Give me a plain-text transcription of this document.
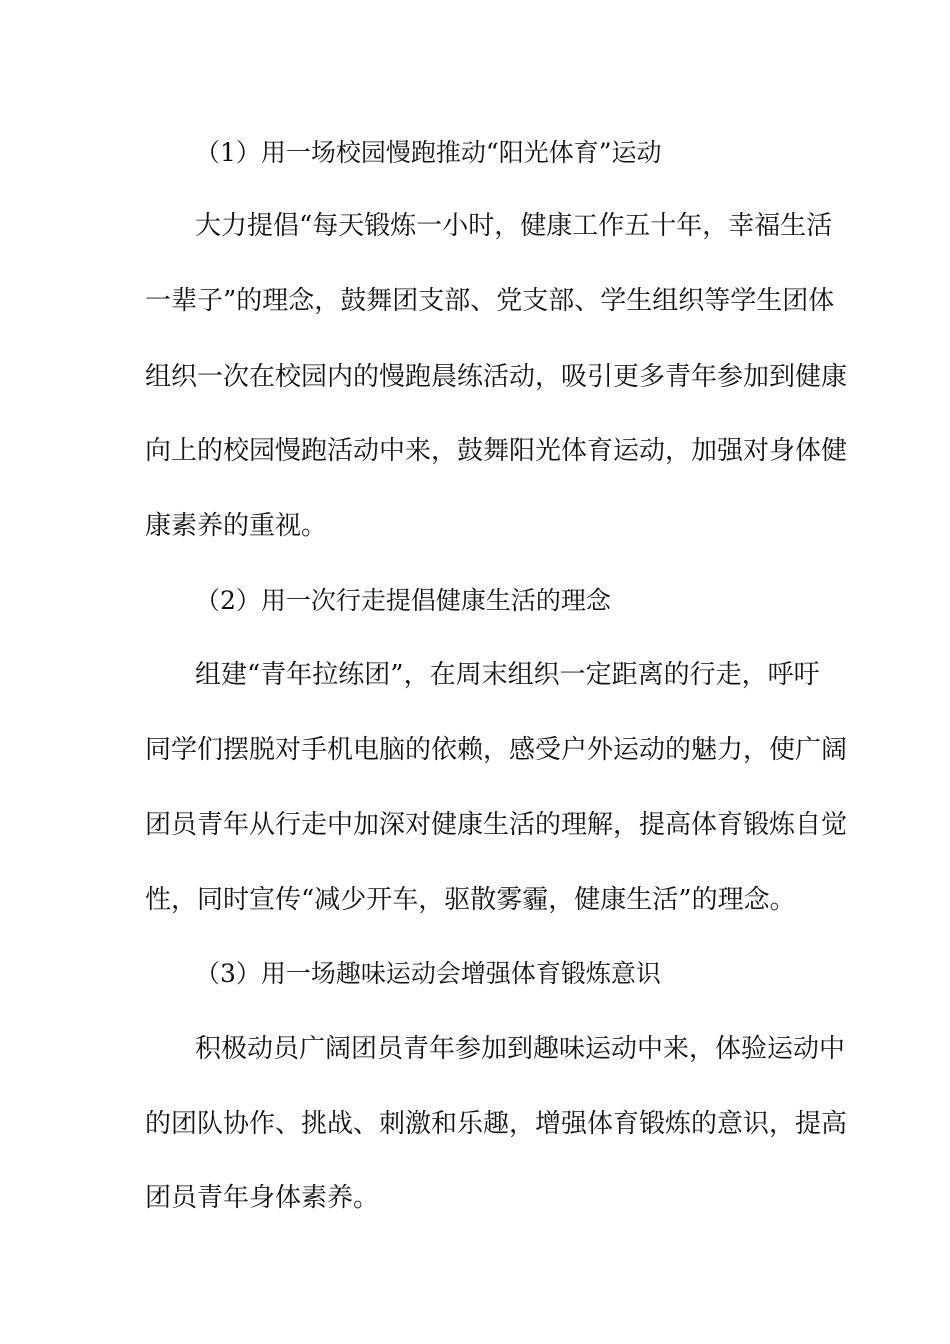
（1）用一场校园慢跑推动“阳光体育”运动
大力提倡“每天锻炼一小时，健康工作五十年，幸福生活
一辈子”的理念，鼓舞团支部、党支部、学生组织等学生团体
组织一次在校园内的慢跑晨练活动，吸引更多青年参加到健康
向上的校园慢跑活动中来，鼓舞阳光体育运动，加强对身体健
康素养的重视。
（2）用一次行走提倡健康生活的理念
组建“青年拉练团”，在周末组织一定距离的行走，呼吁
同学们摆脱对手机电脑的依赖，感受户外运动的魅力，使广阔
团员青年从行走中加深对健康生活的理解，提高体育锻炼自觉
性，同时宣传“减少开车，驱散雾霾，健康生活”的理念。
（3）用一场趣味运动会增强体育锻炼意识
积极动员广阔团员青年参加到趣味运动中来，体验运动中
的团队协作、挑战、刺激和乐趣，增强体育锻炼的意识，提高
团员青年身体素养。
